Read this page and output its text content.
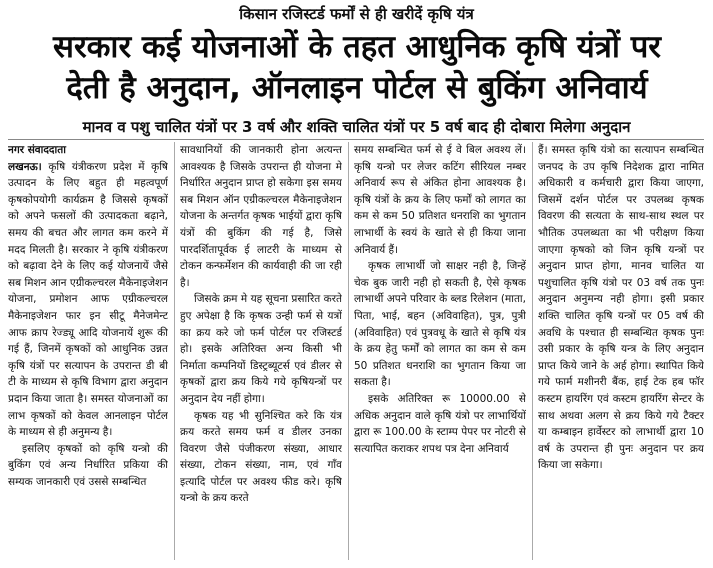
किसान रजिस्टर्ड फर्मों से ही खरीदें कृषि यंत्र
सरकार कई योजनाओं के तहत आधुनिक कृषि यंत्रों पर
देती है अनुदान, ऑनलाइन पोर्टल से बुकिंग अनिवार्य
मानव व पशु चालित यंत्रों पर 3 वर्ष और शक्ति चालित यंत्रों पर 5 वर्ष बाद ही दोबारा मिलेगा अनुदान
नगर संवाददाता

लखनऊ। कृषि यंत्रीकरण प्रदेश में कृषि उत्पादन के लिए बहुत ही महत्वपूर्ण कृषकोपयोगी कार्यक्रम है जिससे कृषकों को अपने फसलों की उत्पादकता बढ़ाने, समय की बचत और लागत कम करने में मदद मिलती है। सरकार ने कृषि यंत्रीकरण को बढ़ावा देने के लिए कई योजनायें जैसे सब मिशन आन एग्रीकल्चरल मैकेनाइजेशन योजना, प्रमोशन आफ एग्रीकल्चरल मैकेनाइजेशन फार इन सीटू मैनेजमेन्ट आफ क्राप रेज्ड्यू आदि योजनायें शुरू की गई हैं, जिनमें कृषकों को आधुनिक उन्नत कृषि यंत्रों पर सत्यापन के उपरान्त डी बी टी के माध्यम से कृषि विभाग द्वारा अनुदान प्रदान किया जाता है। समस्त योजनाओं का लाभ कृषकों को केवल आनलाइन पोर्टल के माध्यम से ही अनुमन्य है।

इसलिए कृषकों को कृषि यन्त्रो की बुकिंग एवं अन्य निर्धारित प्रकिया की सम्यक जानकारी एवं उससे सम्बन्धित

सावधानियों की जानकारी होना अत्यन्त आवश्यक है जिसके उपरान्त ही योजना मे निर्धारित अनुदान प्राप्त हो सकेगा इस समय सब मिशन ऑन एग्रीकल्चरल मैकेनाइजेशन योजना के अन्तर्गत कृषक भाईयों द्वारा कृषि यंत्रों की बुकिंग की गई है, जिसे पारदर्शितापूर्वक ई लाटरी के माध्यम से टोकन कन्फर्मेशन की कार्यवाही की जा रही है।

जिसके क्रम मे यह सूचना प्रसारित करते हुए अपेक्षा है कि कृषक उन्ही फर्म से यत्रों का क्रय करे जो फर्म पोर्टल पर रजिस्टर्ड हो। इसके अतिरिक्त अन्य किसी भी निर्माता कम्पनियों डिस्ट्रब्यूटर्स एवं डीलर से कृषकों द्वारा क्रय किये गये कृषियन्त्रों पर अनुदान देय नहीं होगा।

कृषक यह भी सुनिश्चित करे कि यंत्र क्रय करते समय फर्म व डीलर उनका विवरण जैसे पंजीकरण संख्या, आधार संख्या, टोकन संख्या, नाम, एवं गाँव इत्यादि पोर्टल पर अवश्य फीड करे। कृषि यन्त्रो के क्रय करते

समय सम्बन्धित फर्म से ई वे बिल अवश्य लें। कृषि यन्त्रो पर लेजर कटिंग सीरियल नम्बर अनिवार्य रूप से अंकित होना आवश्यक है। कृषि यंत्रों के क्रय के लिए फर्मों को लागत का कम से कम 50 प्रतिशत धनराशि का भुगतान लाभार्थी के स्वयं के खाते से ही किया जाना अनिवार्य हैं।

कृषक लाभार्थी जो साक्षर नही है, जिन्हें चेक बुक जारी नही हो सकती है, ऐसे कृषक लाभार्थी अपने परिवार के ब्लड रिलेशन (माता, पिता, भाई, बहन (अविवाहित), पुत्र, पुत्री (अविवाहित) एवं पुत्रवधू के खाते से कृषि यंत्र के क्रय हेतु फर्मों को लागत का कम से कम 50 प्रतिशत धनराशि का भुगतान किया जा सकता है।

इसके अतिरिक्त रू 10000.00 से अधिक अनुदान वाले कृषि यंत्रो पर लाभार्थियों द्वारा रू 100.00 के स्टाम्प पेपर पर नोटरी से सत्यापित कराकर शपथ पत्र देना अनिवार्य

हैं। समस्त कृषि यंत्रो का सत्यापन सम्बन्धित जनपद के उप कृषि निदेशक द्वारा नामित अधिकारी व कर्मचारी द्वारा किया जाएगा, जिसमें दर्शन पोर्टल पर उपलब्ध कृषक विवरण की सत्यता के साथ-साथ स्थल पर भौतिक उपलब्धता का भी परीक्षण किया जाएगा कृषको को जिन कृषि यन्त्रों पर अनुदान प्राप्त होगा, मानव चालित या पशुचालित कृषि यंत्रो पर 03 वर्ष तक पुनः अनुदान अनुमन्य नही होगा। इसी प्रकार शक्ति चालित कृषि यन्त्रों पर 05 वर्ष की अवधि के पश्चात ही सम्बन्धित कृषक पुनः उसी प्रकार के कृषि यन्त्र के लिए अनुदान प्राप्त किये जाने के अर्ह होगा। स्थापित किये गये फार्म मशीनरी बैंक, हाई टेक हब फॉर कस्टम हायरिंग एवं कस्टम हायरिंग सेन्टर के साथ अथवा अलग से क्रय किये गये टैक्टर या कम्बाइन हार्वेस्टर को लाभार्थी द्वारा 10 वर्ष के उपरान्त ही पुनः अनुदान पर क्रय किया जा सकेगा।
